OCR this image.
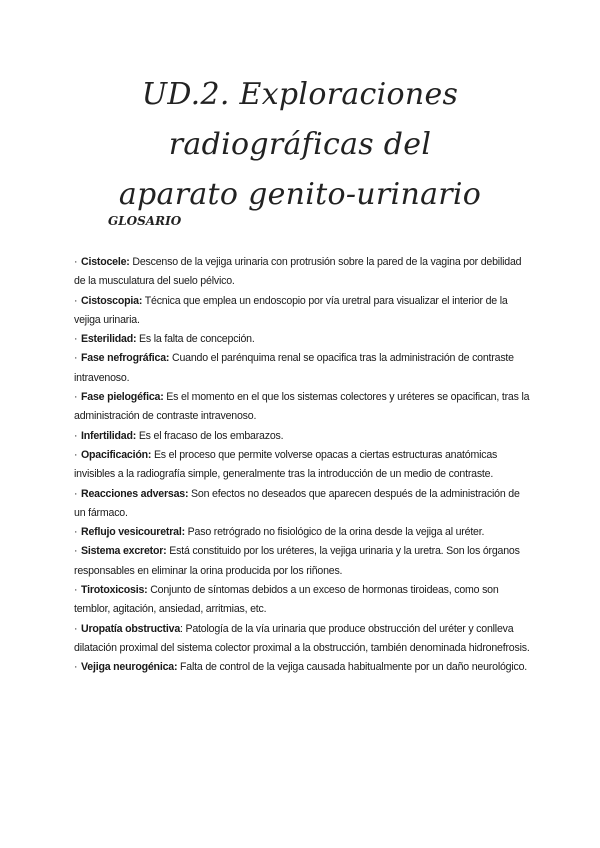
UD.2. Exploraciones radiográficas del
aparato genito-urinario
GLOSARIO
· Cistocele: Descenso de la vejiga urinaria con protrusión sobre la pared de la vagina por debilidad de la musculatura del suelo pélvico.
· Cistoscopia: Técnica que emplea un endoscopio por vía uretral para visualizar el interior de la vejiga urinaria.
· Esterilidad: Es la falta de concepción.
· Fase nefrográfica: Cuando el parénquima renal se opacifica tras la administración de contraste intravenoso.
· Fase pielogéfica: Es el momento en el que los sistemas colectores y uréteres se opacifican, tras la administración de contraste intravenoso.
· Infertilidad: Es el fracaso de los embarazos.
· Opacificación: Es el proceso que permite volverse opacas a ciertas estructuras anatómicas invisibles a la radiografía simple, generalmente tras la introducción de un medio de contraste.
· Reacciones adversas: Son efectos no deseados que aparecen después de la administración de un fármaco.
· Reflujo vesicouretral: Paso retrógrado no fisiológico de la orina desde la vejiga al uréter.
· Sistema excretor: Está constituido por los uréteres, la vejiga urinaria y la uretra. Son los órganos responsables en eliminar la orina producida por los riñones.
· Tirotoxicosis: Conjunto de síntomas debidos a un exceso de hormonas tiroideas, como son temblor, agitación, ansiedad, arritmias, etc.
· Uropatía obstructiva: Patología de la vía urinaria que produce obstrucción del uréter y conlleva dilatación proximal del sistema colector proximal a la obstrucción, también denominada hidronefrosis.
· Vejiga neurogénica: Falta de control de la vejiga causada habitualmente por un daño neurológico.
